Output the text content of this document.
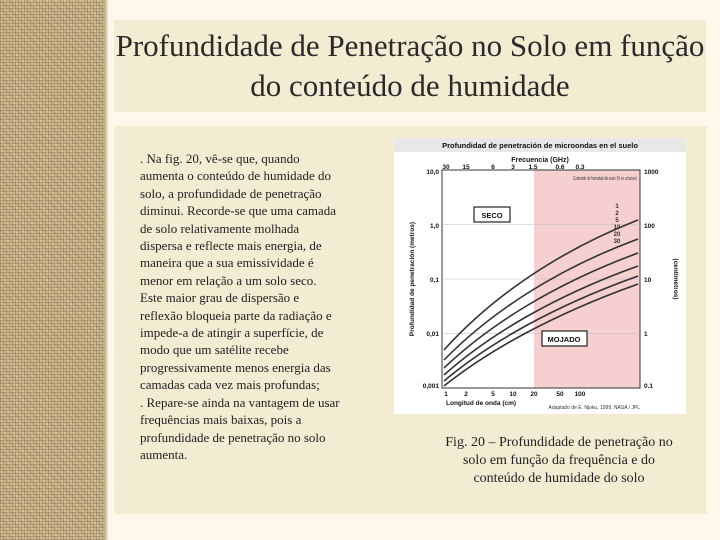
Profundidade de Penetração no Solo em função do conteúdo de humidade
. Na fig. 20, vê-se que, quando aumenta o conteúdo de humidade do solo, a profundidade de penetração diminui. Recorde-se que uma camada de solo relativamente molhada dispersa e reflecte mais energia, de maneira que a sua emissividade é menor em relação a um solo seco. Este maior grau de dispersão e reflexão bloqueia parte da radiação e impede-a de atingir a superfície, de modo que um satélite recebe progressivamente menos energia das camadas cada vez mais profundas;
. Repare-se ainda na vantagem de usar frequências mais baixas, pois a profundidade de penetração no solo aumenta.
Profundidad de penetración de microondas en el suelo
Frecuencia (GHz)
30 15	6	3 1.5	0.6 0.3
10,0
1,0
0,1
0,01
0,001
Profundidad de penetración (metros)
1000
100
10
1
0.1
(centímetros)
1	2	5 10 20	50 100
Longitud de onda (cm)
Adaptado de E. Njoku, 1999, NASA / JPL
Contenido de humedad del suelo (% en volumen)
1
2
5
10
20
30
SECO
MOJADO
Fig. 20 – Profundidade de penetração no solo em função da frequência e do conteúdo de humidade do solo
